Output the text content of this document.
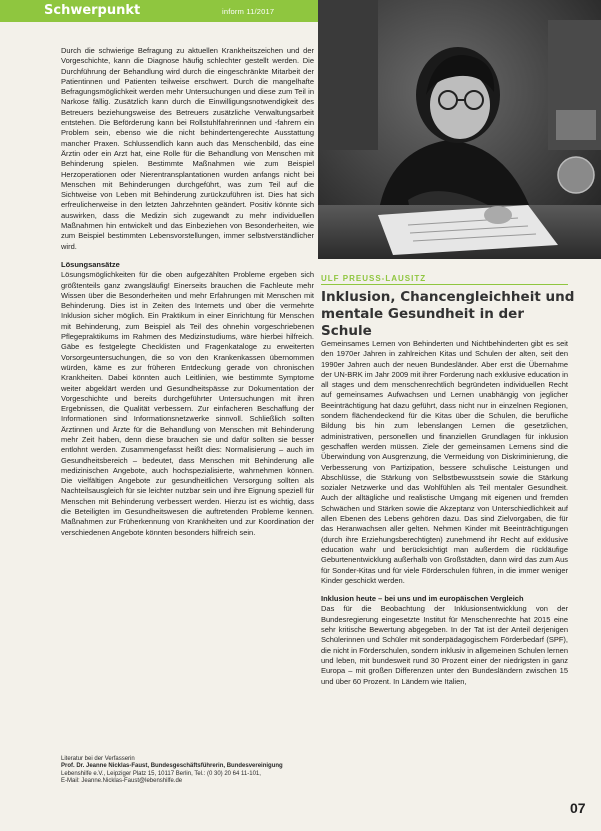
Schwerpunkt	inform 11/2017

Durch die schwierige Befragung zu aktuellen Krankheitszeichen und der Vorgeschichte, kann die Diagnose häufig schlechter gestellt werden. Die Durchführung der Behandlung wird durch die eingeschränkte Mitarbeit der Patientinnen und Patienten teilweise erschwert. Durch die mangelhafte Befragungsmöglichkeit werden mehr Untersuchungen und diese zum Teil in Narkose fällig. Zusätzlich kann durch die Einwilligungsnotwendigkeit des Betreuers beziehungsweise des Betreuers zusätzliche Verwaltungsarbeit entstehen. Die Beförderung kann bei Rollstuhlfahrerinnen und -fahrern ein Problem sein, ebenso wie die nicht behindertengerechte Ausstattung mancher Praxen. Schlussendlich kann auch das Menschenbild, das eine Ärztin oder ein Arzt hat, eine Rolle für die Behandlung von Menschen mit Behinderung spielen. Bestimmte Maßnahmen wie zum Beispiel Herzoperationen oder Nierentransplantationen wurden anfangs nicht bei Menschen mit Behinderungen durchgeführt, was zum Teil auf die Sichtweise von Leben mit Behinderung zurückzuführen ist. Dies hat sich erfreulicherweise in den letzten Jahrzehnten geändert. Positiv könnte sich auswirken, dass die Medizin sich zugewandt zu mehr individuellen Maßnahmen hin entwickelt und das Einbeziehen von Besonderheiten, wie zum Beispiel bestimmten Lebensvorstellungen, immer selbstverständlicher wird.

Lösungsansätze

Lösungsmöglichkeiten für die oben aufgezählten Probleme ergeben sich größtenteils ganz zwangsläufig! Einerseits brauchen die Fachleute mehr Wissen über die Besonderheiten und mehr Erfahrungen mit Menschen mit Behinderung. Dies ist in Zeiten des Internets und über die vermehrte Inklusion sicher möglich. Ein Praktikum in einer Einrichtung für Menschen mit Behinderung, zum Beispiel als Teil des ohnehin vorgeschriebenen Pflegepraktikums im Rahmen des Medizinstudiums, wäre hierbei hilfreich. Gäbe es festgelegte Checklisten und Fragenkataloge zu erweiterten Vorsorgeuntersuchungen, die so von den Krankenkassen übernommen würden, käme es zur früheren Entdeckung gerade von chronischen Krankheiten. Dabei könnten auch Leitlinien, wie bestimmte Symptome weiter abgeklärt werden und Gesundheitspässe zur Dokumentation der Vorgeschichte und bereits durchgeführter Untersuchungen mit ihren Ergebnissen, die Qualität verbessern. Zur einfacheren Beschaffung der Informationen sind Informationsnetzwerke sinnvoll. Schließlich sollten Ärztinnen und Ärzte für die Behandlung von Menschen mit Behinderung mehr Zeit haben, denn diese brauchen sie und dafür sollten sie besser entlohnt werden. Zusammengefasst heißt dies: Normalisierung – auch im Gesundheitsbereich – bedeutet, dass Menschen mit Behinderung alle medizinischen Angebote, auch hochspezialisierte, wahrnehmen können. Die vielfältigen Angebote zur gesundheitlichen Versorgung sollten als Nachteilsausgleich für sie leichter nutzbar sein und ihre Eignung speziell für Menschen mit Behinderung verbessert werden. Hierzu ist es wichtig, dass die Beteiligten im Gesundheitswesen die auftretenden Probleme kennen. Maßnahmen zur Früherkennung von Krankheiten und zur Koordination der verschiedenen Angebote könnten besonders hilfreich sein.

Literatur bei der Verfasserin
Prof. Dr. Jeanne Nicklas-Faust, Bundesgeschäftsführerin, Bundesvereinigung
Lebenshilfe e.V., Leipziger Platz 15, 10117 Berlin, Tel.: (0 30) 20 64 11-101,
E-Mail: Jeanne.Nicklas-Faust@lebenshilfe.de
ULF PREUSS-LAUSITZ
Inklusion, Chancengleichheit und mentale Gesundheit in der Schule

Gemeinsames Lernen von Behinderten und Nichtbehinderten gibt es seit den 1970er Jahren in zahlreichen Kitas und Schulen der alten, seit den 1990er Jahren auch der neuen Bundesländer. Aber erst die Übernahme der UN-BRK im Jahr 2009 mit ihrer Forderung nach exklusive education in all stages und dem menschenrechtlich begründeten individuellen Recht auf gemeinsames Aufwachsen und Lernen unabhängig von jeglicher Beeinträchtigung hat dazu geführt, dass nicht nur in einzelnen Regionen, sondern flächendeckend für die Kitas über die Schulen, die berufliche Bildung bis hin zum lebenslangen Lernen die gesetzlichen, administrativen, personellen und finanziellen Grundlagen für inklusion geschaffen werden müssen. Ziele der gemeinsamen Lernens sind die Überwindung von Ausgrenzung, die Vermeidung von Diskriminierung, die Verbesserung von Partizipation, bessere schulische Leistungen und Abschlüsse, die Stärkung von Selbstbewusstsein sowie die Stärkung sozialer Netzwerke und das Wohlfühlen als Teil mentaler Gesundheit. Auch der alltägliche und realistische Umgang mit eigenen und fremden Schwächen und Stärken sowie die Akzeptanz von Unterschiedlichkeit auf allen Ebenen des Lebens gehören dazu. Das sind Zielvorgaben, die für das Heranwachsen aller gelten. Nehmen Kinder mit Beeinträchtigungen (durch ihre Erziehungsberechtigten) zunehmend ihr Recht auf exklusive education wahr und berücksichtigt man außerdem die rückläufige Geburtenentwicklung außerhalb von Großstädten, dann wird das zum Aus für Sonder-Kitas und für viele Förderschulen führen, in die immer weniger Kinder geschickt werden.

Inklusion heute – bei uns und im europäischen Vergleich

Das für die Beobachtung der Inklusionsentwicklung von der Bundesregierung eingesetzte Institut für Menschenrechte hat 2015 eine sehr kritische Bewertung abgegeben. In der Tat ist der Anteil derjenigen Schülerinnen und Schüler mit sonderpädagogischem Förderbedarf (SPF), die nicht in Förderschulen, sondern inklusiv in allgemeinen Schulen lernen und leben, mit bundesweit rund 30 Prozent einer der niedrigsten in ganz Europa – mit großen Differenzen unter den Bundesländern zwischen 15 und über 60 Prozent. In Ländern wie Italien,

07
